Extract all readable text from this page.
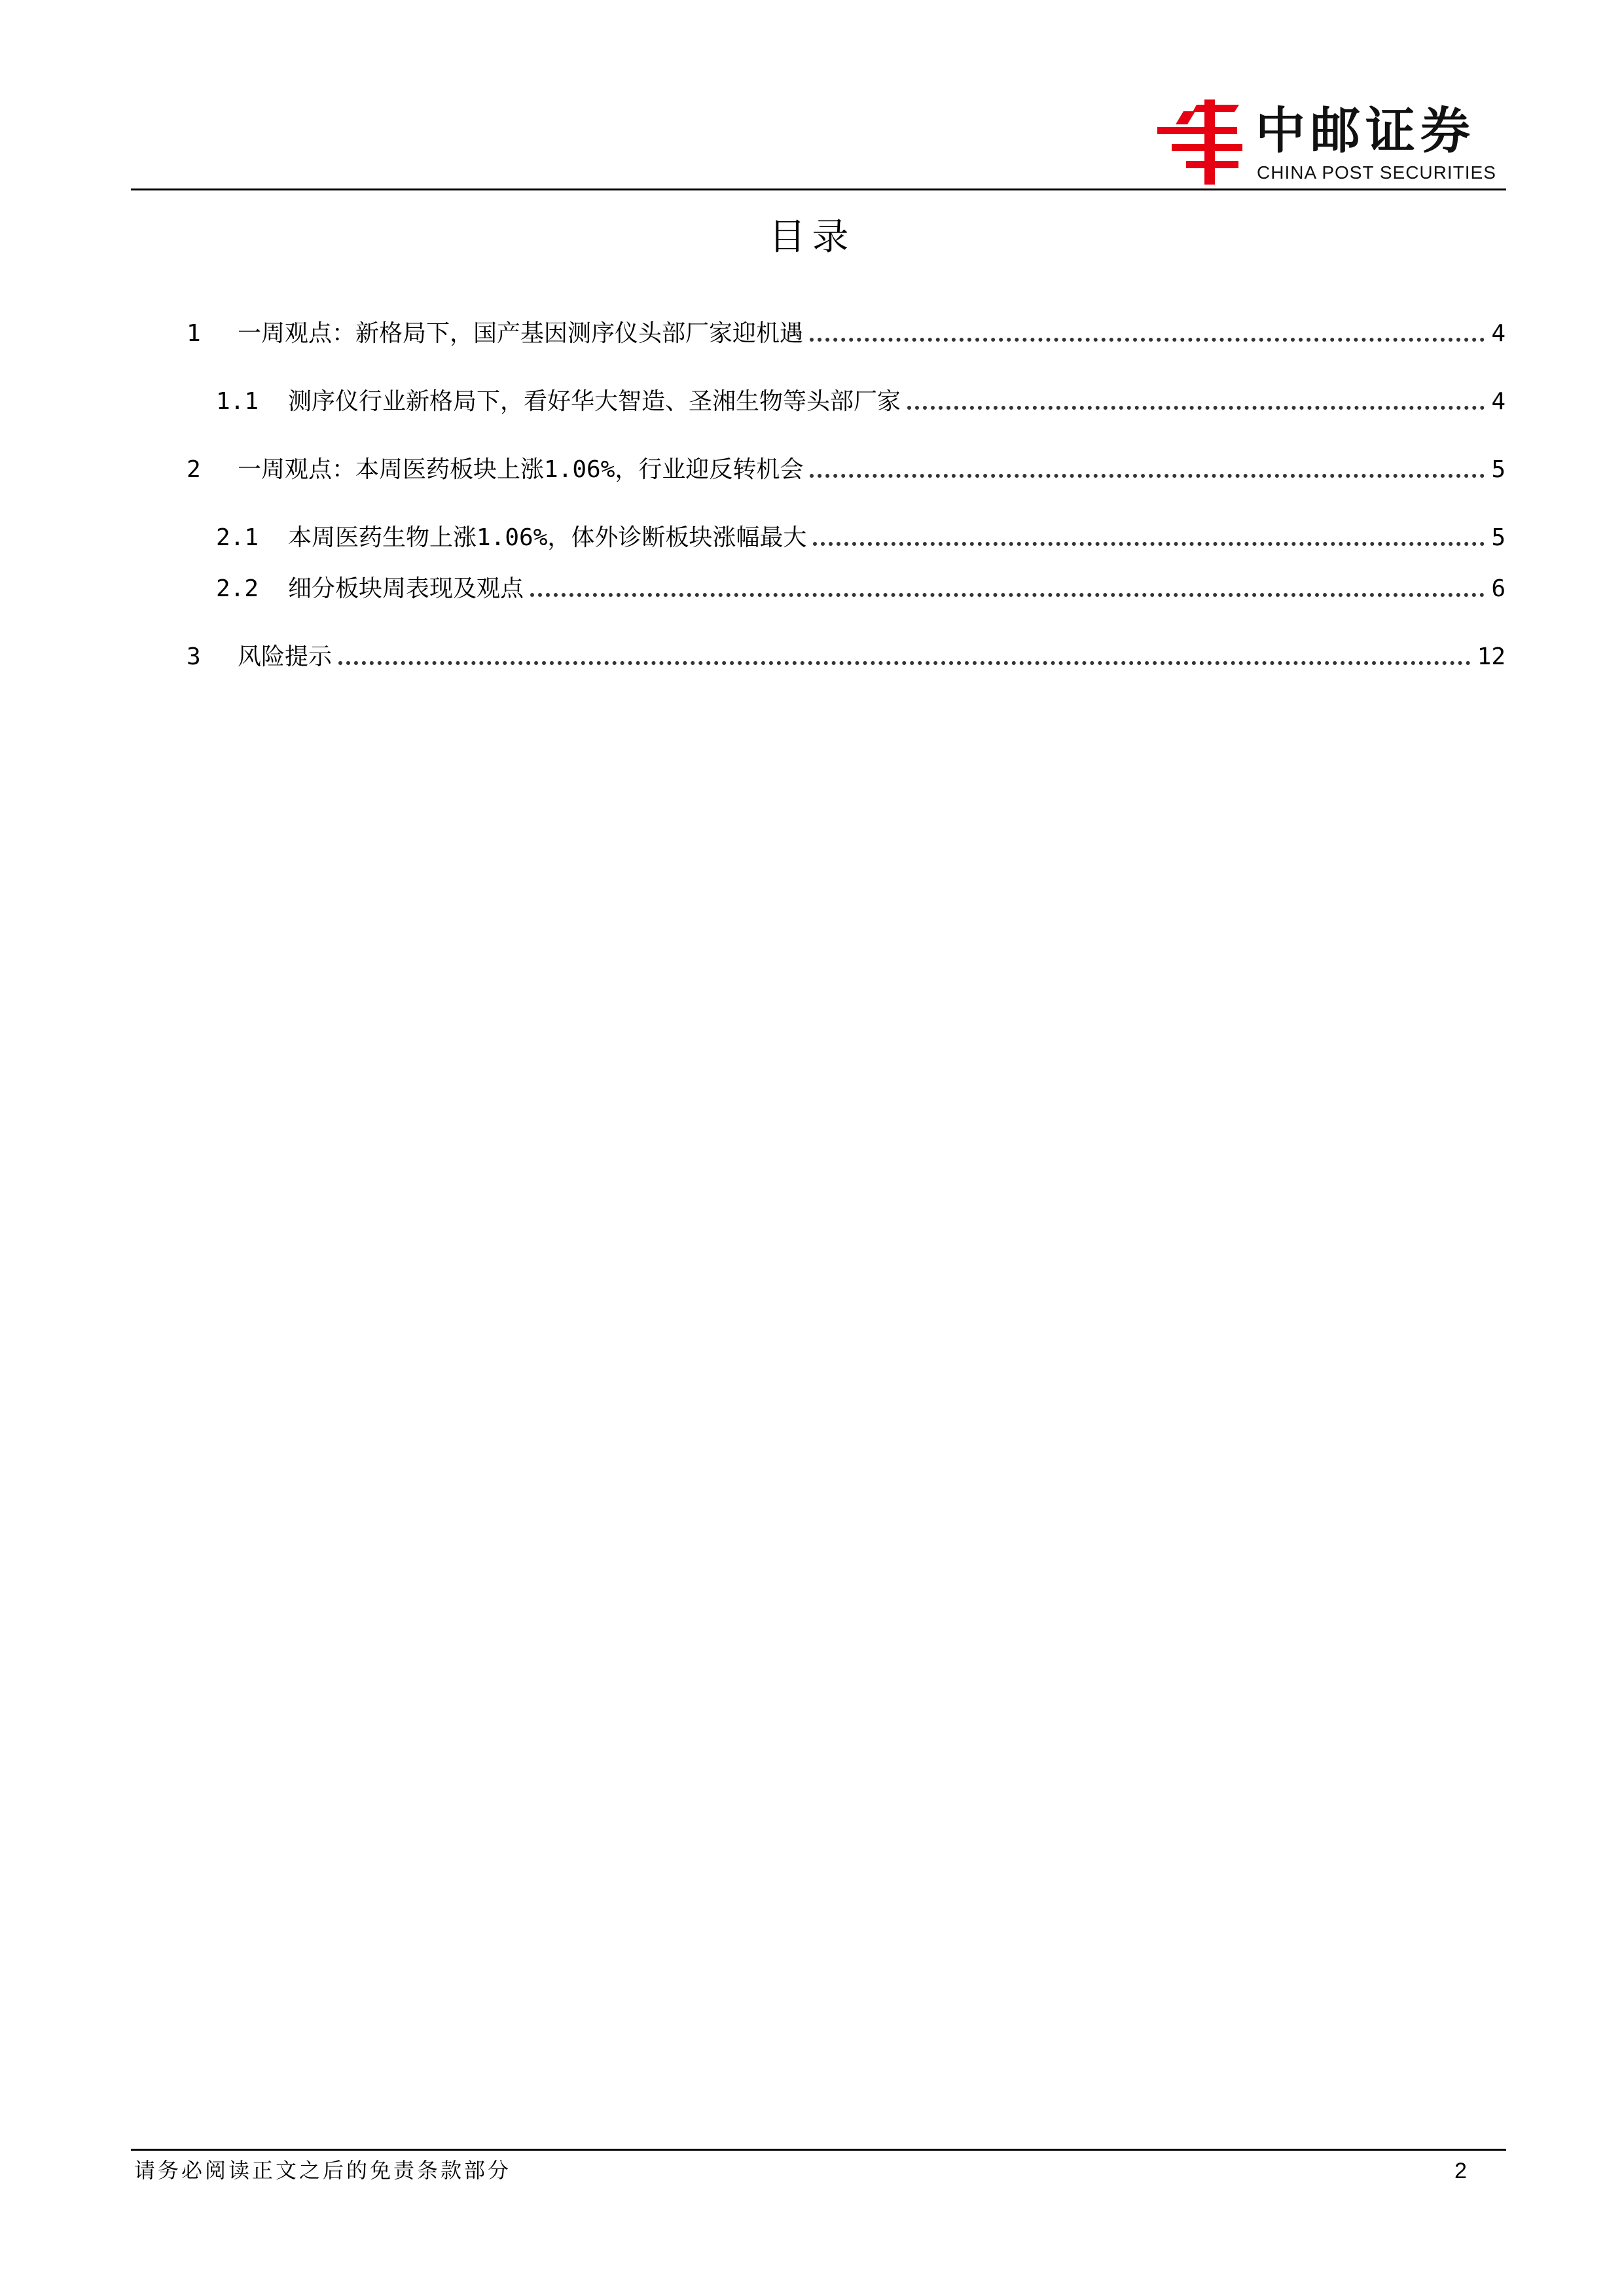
中邮证券
CHINA POST SECURITIES
目录
1	一周观点：新格局下，国产基因测序仪头部厂家迎机遇	4
1.1	测序仪行业新格局下，看好华大智造、圣湘生物等头部厂家	4
2	一周观点：本周医药板块上涨1.06%，行业迎反转机会	5
2.1	本周医药生物上涨1.06%，体外诊断板块涨幅最大	5
2.2	细分板块周表现及观点	6
3	风险提示	12
请务必阅读正文之后的免责条款部分	2
